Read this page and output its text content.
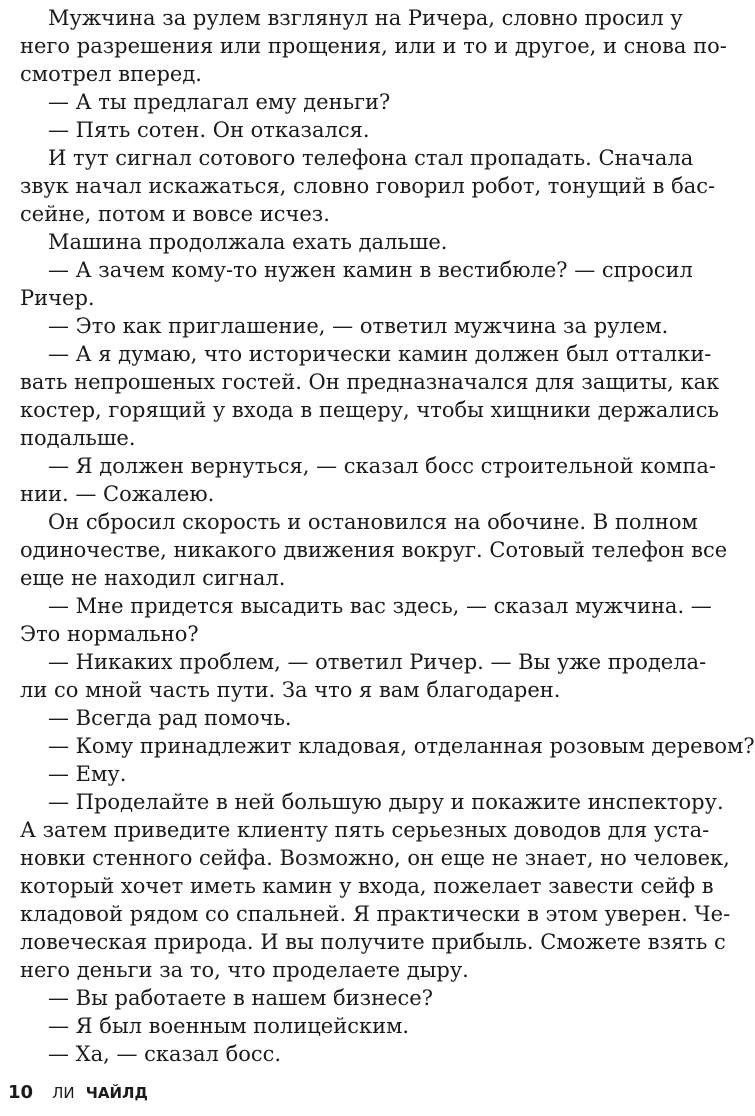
Мужчина за рулем взглянул на Ричера, словно просил у
него разрешения или прощения, или и то и другое, и снова по-
смотрел вперед.
— А ты предлагал ему деньги?
— Пять сотен. Он отказался.
И тут сигнал сотового телефона стал пропадать. Сначала
звук начал искажаться, словно говорил робот, тонущий в бас-
сейне, потом и вовсе исчез.
Машина продолжала ехать дальше.
— А зачем кому-то нужен камин в вестибюле? — спросил
Ричер.
— Это как приглашение, — ответил мужчина за рулем.
— А я думаю, что исторически камин должен был отталки-
вать непрошеных гостей. Он предназначался для защиты, как
костер, горящий у входа в пещеру, чтобы хищники держались
подальше.
— Я должен вернуться, — сказал босс строительной компа-
нии. — Сожалею.
Он сбросил скорость и остановился на обочине. В полном
одиночестве, никакого движения вокруг. Сотовый телефон все
еще не находил сигнал.
— Мне придется высадить вас здесь, — сказал мужчина. —
Это нормально?
— Никаких проблем, — ответил Ричер. — Вы уже продела-
ли со мной часть пути. За что я вам благодарен.
— Всегда рад помочь.
— Кому принадлежит кладовая, отделанная розовым деревом?
— Ему.
— Проделайте в ней большую дыру и покажите инспектору.
А затем приведите клиенту пять серьезных доводов для уста-
новки стенного сейфа. Возможно, он еще не знает, но человек,
который хочет иметь камин у входа, пожелает завести сейф в
кладовой рядом со спальней. Я практически в этом уверен. Че-
ловеческая природа. И вы получите прибыль. Сможете взять с
него деньги за то, что проделаете дыру.
— Вы работаете в нашем бизнесе?
— Я был военным полицейским.
— Ха, — сказал босс.
10 ЛИ ЧАЙЛД
